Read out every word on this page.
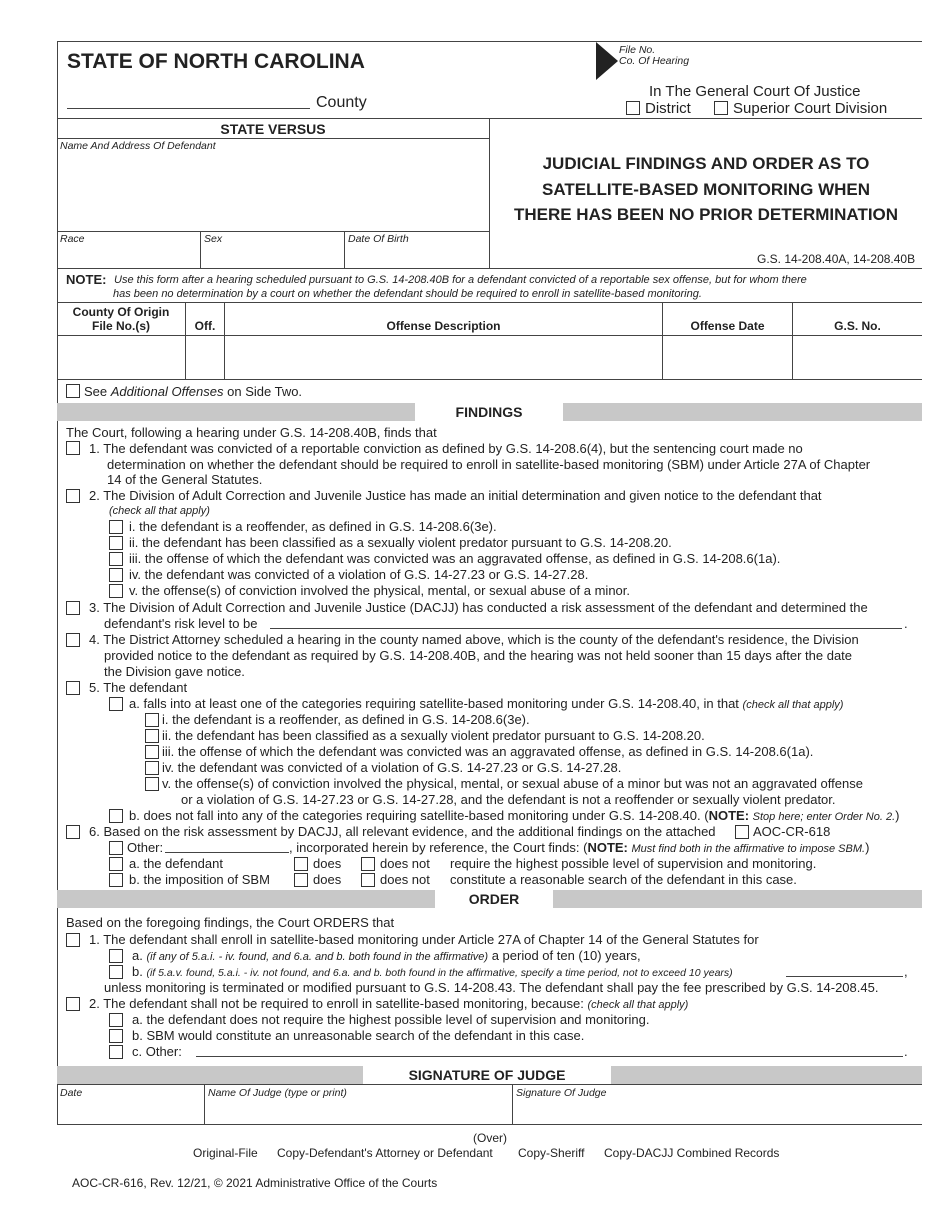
STATE OF NORTH CAROLINA
County
File No.
Co. Of Hearing
In The General Court Of Justice
District	Superior Court Division
STATE VERSUS
Name And Address Of Defendant
JUDICIAL FINDINGS AND ORDER AS TO
SATELLITE-BASED MONITORING WHEN
THERE HAS BEEN NO PRIOR DETERMINATION
Race	Sex	Date Of Birth
G.S. 14-208.40A, 14-208.40B
NOTE: Use this form after a hearing scheduled pursuant to G.S. 14-208.40B for a defendant convicted of a reportable sex offense, but for whom there
has been no determination by a court on whether the defendant should be required to enroll in satellite-based monitoring.
County Of Origin
File No.(s)	Off.	Offense Description	Offense Date	G.S. No.
See Additional Offenses on Side Two.
FINDINGS
The Court, following a hearing under G.S. 14-208.40B, finds that
1. The defendant was convicted of a reportable conviction as defined by G.S. 14-208.6(4), but the sentencing court made no
determination on whether the defendant should be required to enroll in satellite-based monitoring (SBM) under Article 27A of Chapter
14 of the General Statutes.
2. The Division of Adult Correction and Juvenile Justice has made an initial determination and given notice to the defendant that
(check all that apply)
i. the defendant is a reoffender, as defined in G.S. 14-208.6(3e).
ii. the defendant has been classified as a sexually violent predator pursuant to G.S. 14-208.20.
iii. the offense of which the defendant was convicted was an aggravated offense, as defined in G.S. 14-208.6(1a).
iv. the defendant was convicted of a violation of G.S. 14-27.23 or G.S. 14-27.28.
v. the offense(s) of conviction involved the physical, mental, or sexual abuse of a minor.
3. The Division of Adult Correction and Juvenile Justice (DACJJ) has conducted a risk assessment of the defendant and determined the
defendant's risk level to be	.
4. The District Attorney scheduled a hearing in the county named above, which is the county of the defendant's residence, the Division
provided notice to the defendant as required by G.S. 14-208.40B, and the hearing was not held sooner than 15 days after the date
the Division gave notice.
5. The defendant
a. falls into at least one of the categories requiring satellite-based monitoring under G.S. 14-208.40, in that (check all that apply)
i. the defendant is a reoffender, as defined in G.S. 14-208.6(3e).
ii. the defendant has been classified as a sexually violent predator pursuant to G.S. 14-208.20.
iii. the offense of which the defendant was convicted was an aggravated offense, as defined in G.S. 14-208.6(1a).
iv. the defendant was convicted of a violation of G.S. 14-27.23 or G.S. 14-27.28.
v. the offense(s) of conviction involved the physical, mental, or sexual abuse of a minor but was not an aggravated offense
or a violation of G.S. 14-27.23 or G.S. 14-27.28, and the defendant is not a reoffender or sexually violent predator.
b. does not fall into any of the categories requiring satellite-based monitoring under G.S. 14-208.40. (NOTE: Stop here; enter Order No. 2.)
6. Based on the risk assessment by DACJJ, all relevant evidence, and the additional findings on the attached	AOC-CR-618
Other:	, incorporated herein by reference, the Court finds: (NOTE: Must find both in the affirmative to impose SBM.)
a. the defendant	does	does not require the highest possible level of supervision and monitoring.
b. the imposition of SBM	does	does not constitute a reasonable search of the defendant in this case.
ORDER
Based on the foregoing findings, the Court ORDERS that
1. The defendant shall enroll in satellite-based monitoring under Article 27A of Chapter 14 of the General Statutes for
a. (if any of 5.a.i. - iv. found, and 6.a. and b. both found in the affirmative) a period of ten (10) years,
b. (if 5.a.v. found, 5.a.i. - iv. not found, and 6.a. and b. both found in the affirmative, specify a time period, not to exceed 10 years)	,
unless monitoring is terminated or modified pursuant to G.S. 14-208.43. The defendant shall pay the fee prescribed by G.S. 14-208.45.
2. The defendant shall not be required to enroll in satellite-based monitoring, because: (check all that apply)
a. the defendant does not require the highest possible level of supervision and monitoring.
b. SBM would constitute an unreasonable search of the defendant in this case.
c. Other:	.
SIGNATURE OF JUDGE
Date	Name Of Judge (type or print)	Signature Of Judge
(Over)
Original-File Copy-Defendant's Attorney or Defendant Copy-Sheriff Copy-DACJJ Combined Records
AOC-CR-616, Rev. 12/21, © 2021 Administrative Office of the Courts
